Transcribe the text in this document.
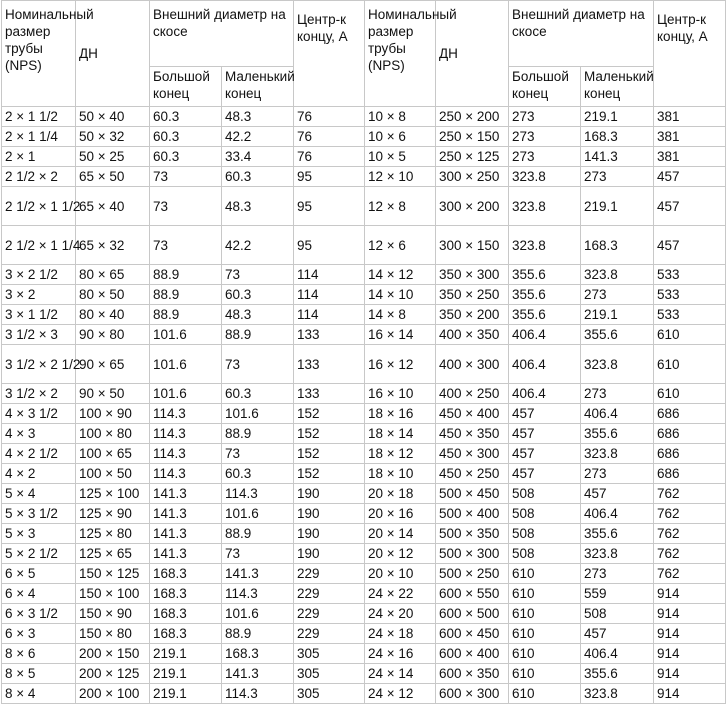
Номинальный размер трубы (NPS)	ДН	Внешний диаметр на скосе		Центр-к концу, А	Номинальный размер трубы (NPS)	ДН	Внешний диаметр на скосе		Центр-к концу, А
		Большой конец	Маленький конец				Большой конец	Маленький конец	
2 × 1 1/2	50 × 40	60.3	48.3	76	10 × 8	250 × 200	273	219.1	381
2 × 1 1/4	50 × 32	60.3	42.2	76	10 × 6	250 × 150	273	168.3	381
2 × 1	50 × 25	60.3	33.4	76	10 × 5	250 × 125	273	141.3	381
2 1/2 × 2	65 × 50	73	60.3	95	12 × 10	300 × 250	323.8	273	457
2 1/2 × 1 1/2	65 × 40	73	48.3	95	12 × 8	300 × 200	323.8	219.1	457
2 1/2 × 1 1/4	65 × 32	73	42.2	95	12 × 6	300 × 150	323.8	168.3	457
3 × 2 1/2	80 × 65	88.9	73	114	14 × 12	350 × 300	355.6	323.8	533
3 × 2	80 × 50	88.9	60.3	114	14 × 10	350 × 250	355.6	273	533
3 × 1 1/2	80 × 40	88.9	48.3	114	14 × 8	350 × 200	355.6	219.1	533
3 1/2 × 3	90 × 80	101.6	88.9	133	16 × 14	400 × 350	406.4	355.6	610
3 1/2 × 2 1/2	90 × 65	101.6	73	133	16 × 12	400 × 300	406.4	323.8	610
3 1/2 × 2	90 × 50	101.6	60.3	133	16 × 10	400 × 250	406.4	273	610
4 × 3 1/2	100 × 90	114.3	101.6	152	18 × 16	450 × 400	457	406.4	686
4 × 3	100 × 80	114.3	88.9	152	18 × 14	450 × 350	457	355.6	686
4 × 2 1/2	100 × 65	114.3	73	152	18 × 12	450 × 300	457	323.8	686
4 × 2	100 × 50	114.3	60.3	152	18 × 10	450 × 250	457	273	686
5 × 4	125 × 100	141.3	114.3	190	20 × 18	500 × 450	508	457	762
5 × 3 1/2	125 × 90	141.3	101.6	190	20 × 16	500 × 400	508	406.4	762
5 × 3	125 × 80	141.3	88.9	190	20 × 14	500 × 350	508	355.6	762
5 × 2 1/2	125 × 65	141.3	73	190	20 × 12	500 × 300	508	323.8	762
6 × 5	150 × 125	168.3	141.3	229	20 × 10	500 × 250	610	273	762
6 × 4	150 × 100	168.3	114.3	229	24 × 22	600 × 550	610	559	914
6 × 3 1/2	150 × 90	168.3	101.6	229	24 × 20	600 × 500	610	508	914
6 × 3	150 × 80	168.3	88.9	229	24 × 18	600 × 450	610	457	914
8 × 6	200 × 150	219.1	168.3	305	24 × 16	600 × 400	610	406.4	914
8 × 5	200 × 125	219.1	141.3	305	24 × 14	600 × 350	610	355.6	914
8 × 4	200 × 100	219.1	114.3	305	24 × 12	600 × 300	610	323.8	914
